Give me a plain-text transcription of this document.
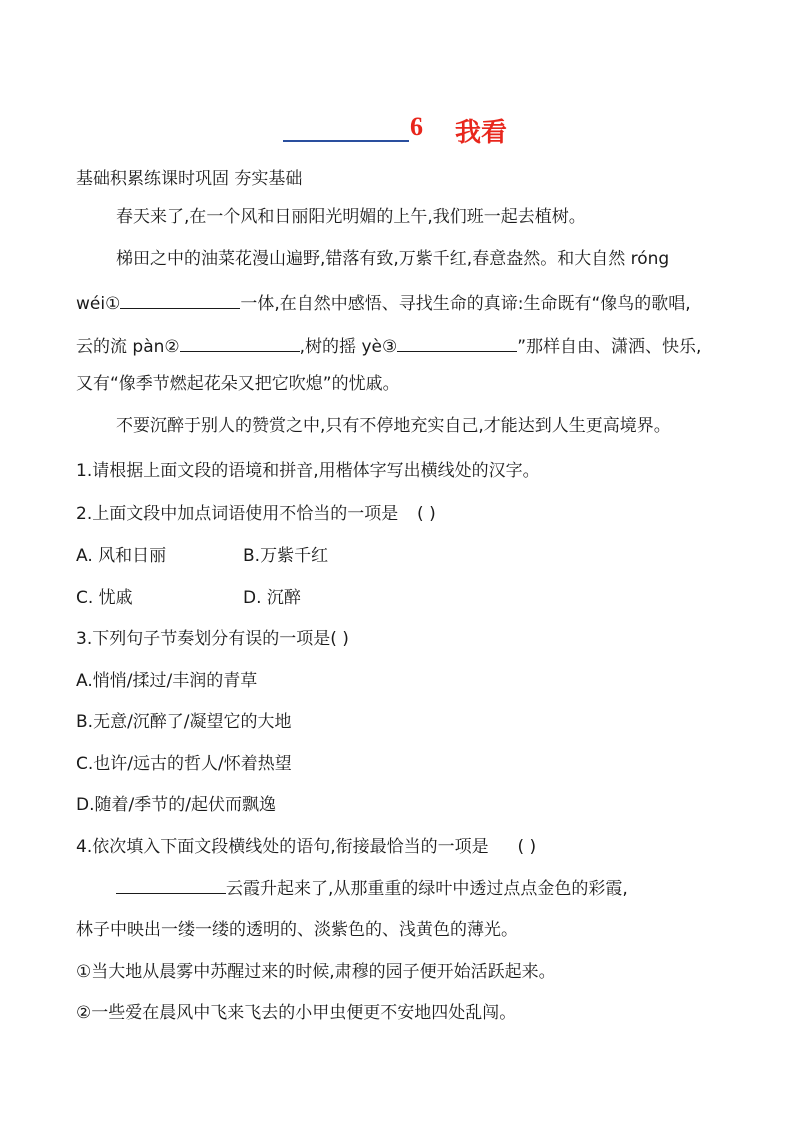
6 我看
基础积累练课时巩固 夯实基础
春天来了,在一个风和日丽阳光明媚的上午,我们班一起去植树。
梯田之中的油菜花漫山遍野,错落有致,万紫千红,春意盎然。和大自然 róng
wéi①	一体,在自然中感悟、寻找生命的真谛:生命既有“像鸟的歌唱,
云的流 pàn②	,树的摇 yè③	”那样自由、潇洒、快乐,
又有“像季节燃起花朵又把它吹熄”的忧戚。
不要沉醉于别人的赞赏之中,只有不停地充实自己,才能达到人生更高境界。
1.请根据上面文段的语境和拼音,用楷体字写出横线处的汉字。
2.上面文段中加点词语使用不恰当的一项是 ( )
A. 风和日丽	B.万紫千红
C. 忧戚	D. 沉醉
3.下列句子节奏划分有误的一项是( )
A.悄悄/揉过/丰润的青草
B.无意/沉醉了/凝望它的大地
C.也许/远古的哲人/怀着热望
D.随着/季节的/起伏而飘逸
4.依次填入下面文段横线处的语句,衔接最恰当的一项是 ( )
云霞升起来了,从那重重的绿叶中透过点点金色的彩霞,
林子中映出一缕一缕的透明的、淡紫色的、浅黄色的薄光。
①当大地从晨雾中苏醒过来的时候,肃穆的园子便开始活跃起来。
②一些爱在晨风中飞来飞去的小甲虫便更不安地四处乱闯。
